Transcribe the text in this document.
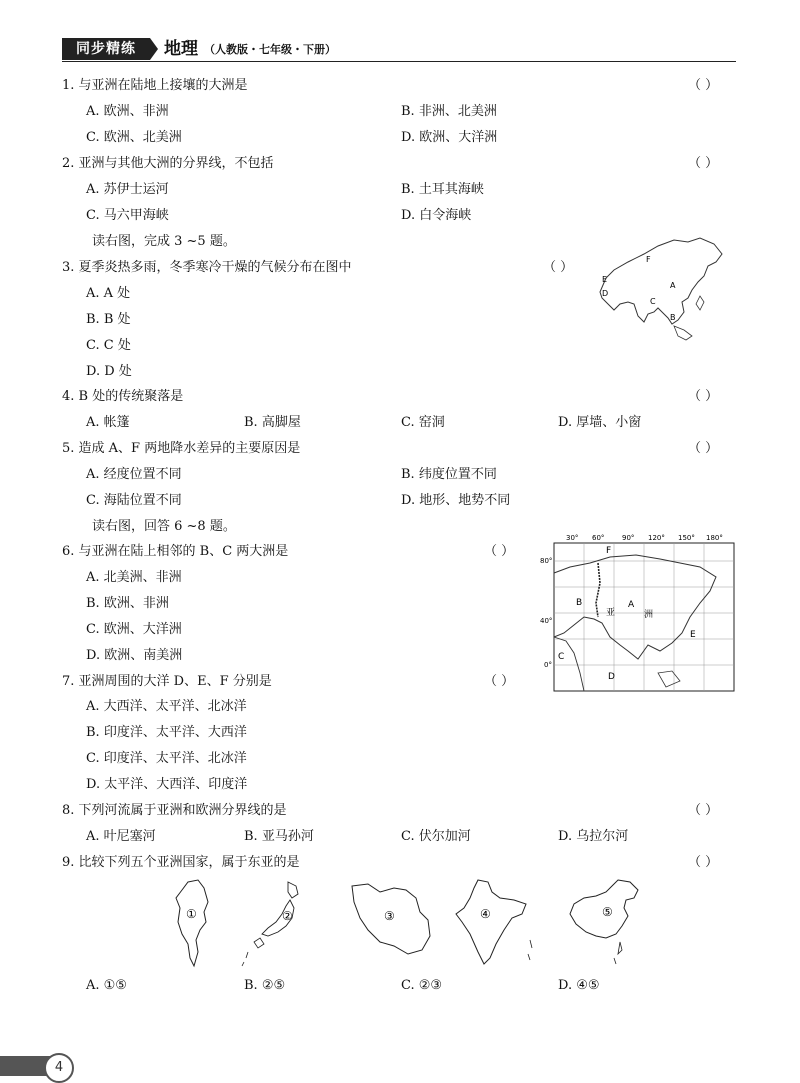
同步精练	地理 （人教版・七年级・下册）
1. 与亚洲在陆地上接壤的大洲是	（ ）
A. 欧洲、非洲	B. 非洲、北美洲
C. 欧洲、北美洲	D. 欧洲、大洋洲
2. 亚洲与其他大洲的分界线，不包括	（ ）
A. 苏伊士运河	B. 土耳其海峡
C. 马六甲海峡	D. 白令海峡
读右图，完成 3 ~5 题。
3. 夏季炎热多雨，冬季寒冷干燥的气候分布在图中	（ ）
A. A 处
B. B 处
C. C 处
D. D 处
F
E
D
C
A
B
4. B 处的传统聚落是	（ ）
A. 帐篷	B. 高脚屋	C. 窑洞	D. 厚墙、小窗
5. 造成 A、F 两地降水差异的主要原因是	（ ）
A. 经度位置不同	B. 纬度位置不同
C. 海陆位置不同	D. 地形、地势不同
读右图，回答 6 ~8 题。
6. 与亚洲在陆上相邻的 B、C 两大洲是	（ ）
A. 北美洲、非洲
B. 欧洲、非洲
C. 欧洲、大洋洲
D. 欧洲、南美洲
30° 60°	90° 120° 150° 180°
80°
40°
0°
F
B
亚
A
洲
E
C
D
7. 亚洲周围的大洋 D、E、F 分别是	（ ）
A. 大西洋、太平洋、北冰洋
B. 印度洋、太平洋、大西洋
C. 印度洋、太平洋、北冰洋
D. 太平洋、大西洋、印度洋
8. 下列河流属于亚洲和欧洲分界线的是	（ ）
A. 叶尼塞河	B. 亚马孙河	C. 伏尔加河	D. 乌拉尔河
9. 比较下列五个亚洲国家，属于东亚的是	（ ）
①	②	③	④	⑤
A. ①⑤	B. ②⑤	C. ②③	D. ④⑤
4
